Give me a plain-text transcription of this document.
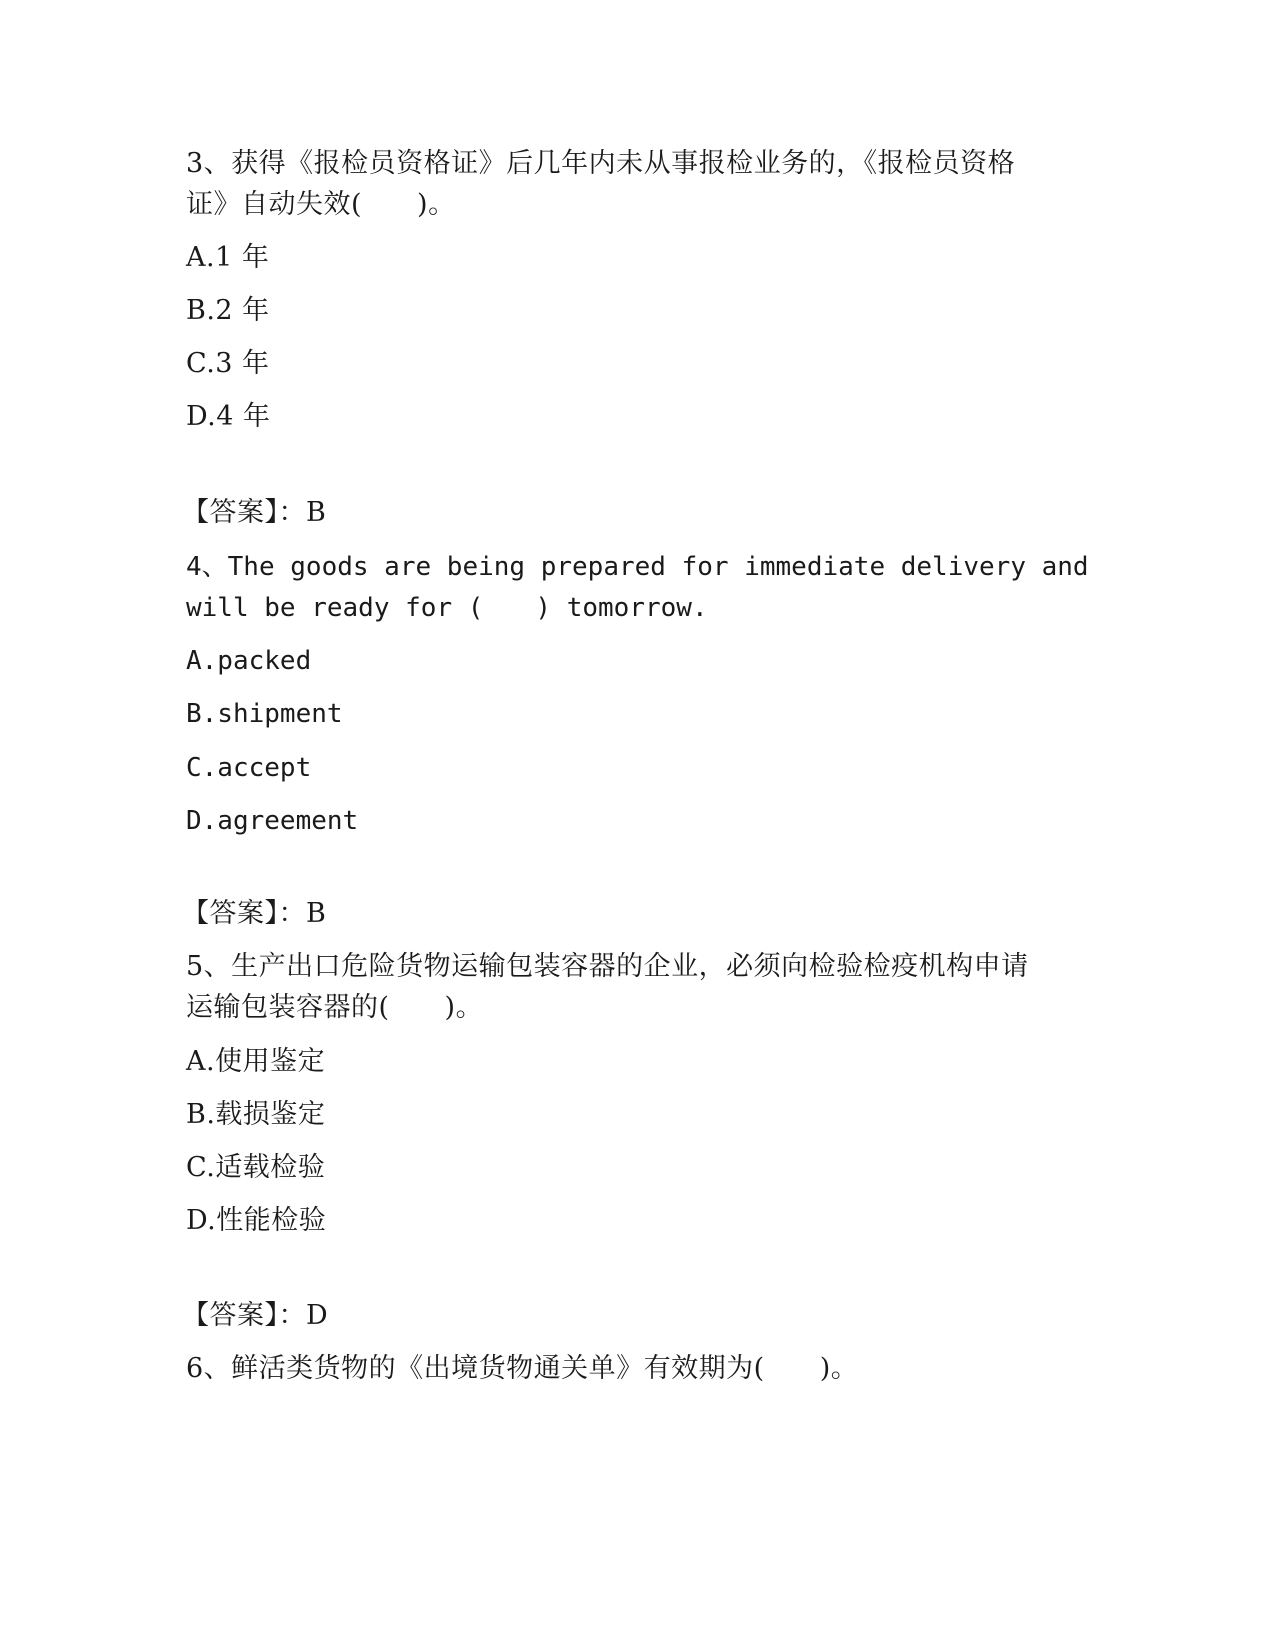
3、获得《报检员资格证》后几年内未从事报检业务的，《报检员资格
证》自动失效(　　)。
A.1 年
B.2 年
C.3 年
D.4 年
【答案】：B
4、The goods are being prepared for immediate delivery and
will be ready for (　　) tomorrow.
A.packed
B.shipment
C.accept
D.agreement
【答案】：B
5、生产出口危险货物运输包装容器的企业，必须向检验检疫机构申请
运输包装容器的(　　)。
A.使用鉴定
B.载损鉴定
C.适载检验
D.性能检验
【答案】：D
6、鲜活类货物的《出境货物通关单》有效期为(　　)。
